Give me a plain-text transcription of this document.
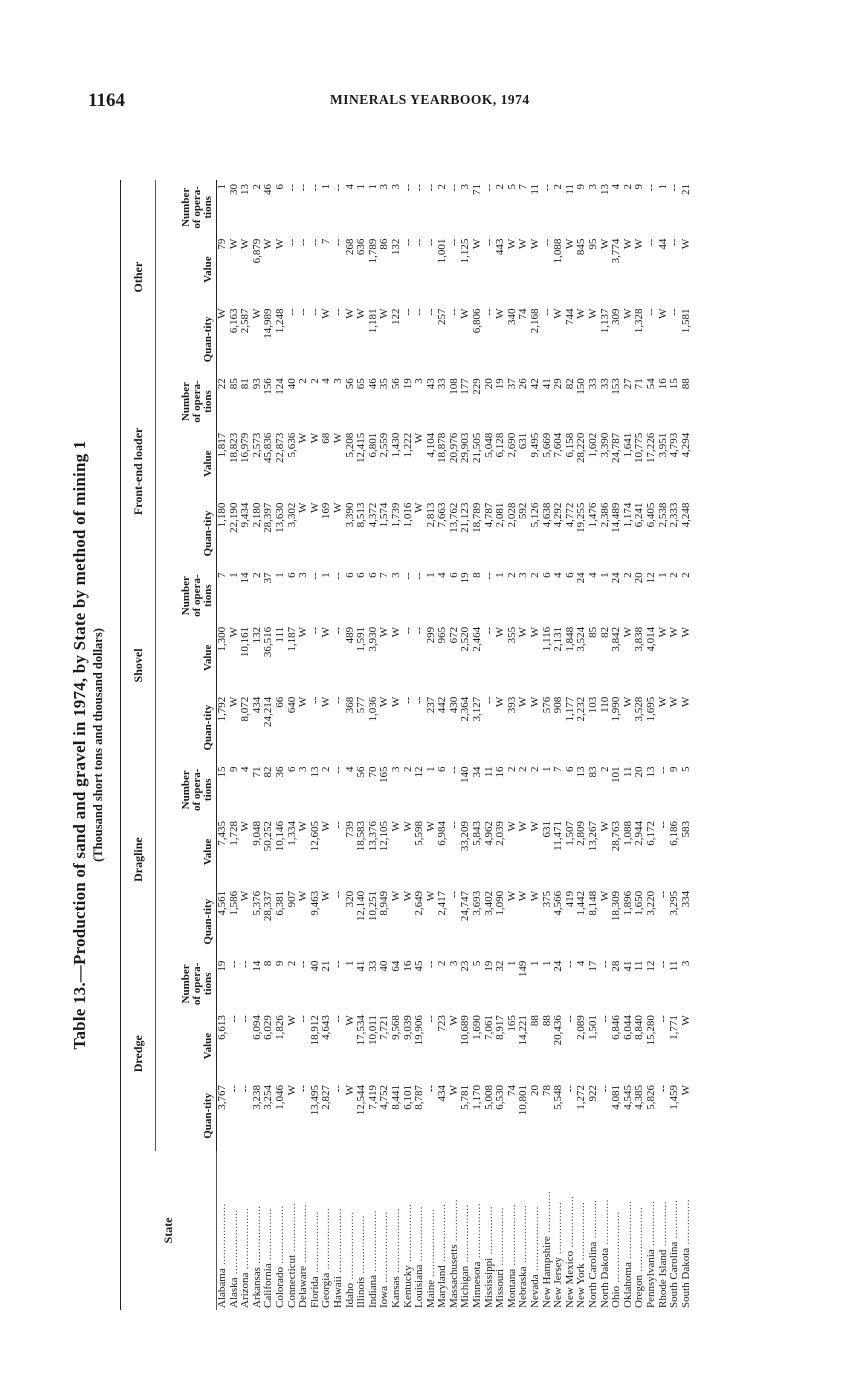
1164	MINERALS YEARBOOK, 1974
Table 13.—Production of sand and gravel in 1974, by State by method of mining 1 (Thousand short tons and thousand dollars)
State	Dredge			Dragline			Shovel			Front-end loader			Other		
	Quan-tity	Value	Number of opera-tions	Quan-tity	Value	Number of opera-tions	Quan-tity	Value	Number of opera-tions	Quan-tity	Value	Number of opera-tions	Quan-tity	Value	Number of opera-tions
Alabama ...................	3,767	6,613	19	4,561	7,435	15	1,792	1,300	7	1,180	1,817	22	W	79	1
Alaska ....................	--	--	--	1,586	1,728	9	W	W	1	22,190	18,823	85	6,163	W	30
Arizona ...................	--	--	--	W	W	4	8,072	10,161	14	9,434	16,979	81	2,587	W	13
Arkansas ..................	3,238	6,094	14	5,376	9,048	71	434	132	2	2,180	2,573	93	W	6,879	2
California ................	3,254	6,029	8	28,337	50,252	82	24,214	36,516	37	28,397	45,836	156	14,989	W	46
Colorado ..................	1,046	1,826	9	6,381	10,146	36	66	111	1	13,630	22,873	124	1,248	W	6
Connecticut ...............	W	W	2	907	1,334	6	640	1,187	6	3,302	5,636	40	--	--	--
Delaware ..................	--	--	--	W	W	3	W	W	3	W	W	2	--	--	--
Florida ...................	13,495	18,912	40	9,463	12,605	13	--	--	--	W	W	2	--	--	--
Georgia ...................	2,827	4,643	21	W	W	2	W	W	1	169	68	4	W	7	1
Hawaii ....................	--	--	--	--	--	--	--	--	--	W	W	3	--	--	--
Idaho .....................	W	W	1	320	739	4	368	489	6	3,390	5,208	56	W	268	4
Illinois ..................	12,544	17,534	41	12,140	18,583	56	577	1,591	6	8,513	12,415	65	W	636	1
Indiana ...................	7,419	10,011	33	10,251	13,376	70	1,036	3,930	6	4,372	6,801	46	1,181	1,789	1
Iowa ......................	4,752	7,721	40	8,949	12,105	165	W	W	7	1,574	2,559	35	W	86	3
Kansas ....................	8,441	9,568	64	W	W	3	W	W	3	1,739	1,430	56	122	132	3
Kentucky ..................	6,101	9,039	16	W	W	2	--	--	--	1,016	1,222	19	--	--	--
Louisiana .................	8,787	19,906	45	2,649	5,598	12	--	--	--	W	W	3	--	--	--
Maine .....................	--	--	--	W	W	1	237	299	1	2,813	4,104	43	--	--	--
Maryland ..................	434	723	2	2,417	6,984	6	442	965	4	7,663	18,878	33	257	1,001	2
Massachusetts .............	W	W	3	--	--	--	430	672	6	13,762	20,976	108	--	--	--
Michigan ..................	5,781	10,689	23	24,747	33,209	140	2,364	2,520	19	21,123	29,903	177	W	1,125	3
Minnesota .................	1,170	1,690	5	3,693	5,843	34	3,127	2,464	8	18,789	21,505	229	6,806	W	71
Mississippi ...............	5,008	7,061	19	3,402	4,962	11	--	--	--	4,787	5,048	20	--	--	--
Missouri ..................	6,530	8,917	32	1,090	2,039	16	W	W	1	2,081	6,128	19	W	443	2
Montana ...................	74	165	1	W	W	2	393	355	2	2,028	2,690	37	340	W	5
Nebraska ..................	10,801	14,221	149	W	W	2	W	W	3	592	631	26	74	W	7
Nevada ....................	20	88	1	W	W	2	W	W	2	5,126	9,495	42	2,168	W	11
New Hampshire .............	78	88	1	375	631	1	576	1,116	6	4,638	5,669	41	--	--	--
New Jersey ................	5,548	20,436	24	4,566	11,471	7	908	2,131	4	4,292	7,604	29	W	1,088	2
New Mexico ................	--	--	--	419	1,507	6	1,177	1,848	6	4,772	6,158	82	744	W	11
New York ..................	1,272	2,089	4	1,442	2,809	13	2,232	3,524	24	19,255	28,220	150	W	845	9
North Carolina ............	922	1,501	17	8,148	13,267	83	103	85	4	1,476	1,602	33	W	95	3
North Dakota ..............	--	--	--	W	W	2	110	82	1	2,386	3,390	33	1,137	W	13
Ohio ......................	4,081	6,846	28	18,309	28,763	101	1,990	3,842	24	14,489	24,787	153	309	3,774	4
Oklahoma ..................	4,545	6,044	41	1,896	1,088	11	W	W	2	1,174	1,641	27	W	W	2
Oregon ....................	4,385	8,840	11	1,650	2,944	20	3,528	3,838	20	6,241	10,775	71	1,328	W	9
Pennsylvania ..............	5,826	15,280	12	3,220	6,172	13	1,695	4,014	12	6,405	17,226	54	--	--	--
Rhode Island ..............	--	--	--	--	--	--	W	W	1	2,538	3,951	16	W	44	1
South Carolina ............	1,459	1,771	11	3,295	6,186	9	W	W	2	2,333	4,793	15	--	--	--
South Dakota ..............	W	W	3	334	583	5	W	W	2	4,248	4,294	88	1,581	W	21
